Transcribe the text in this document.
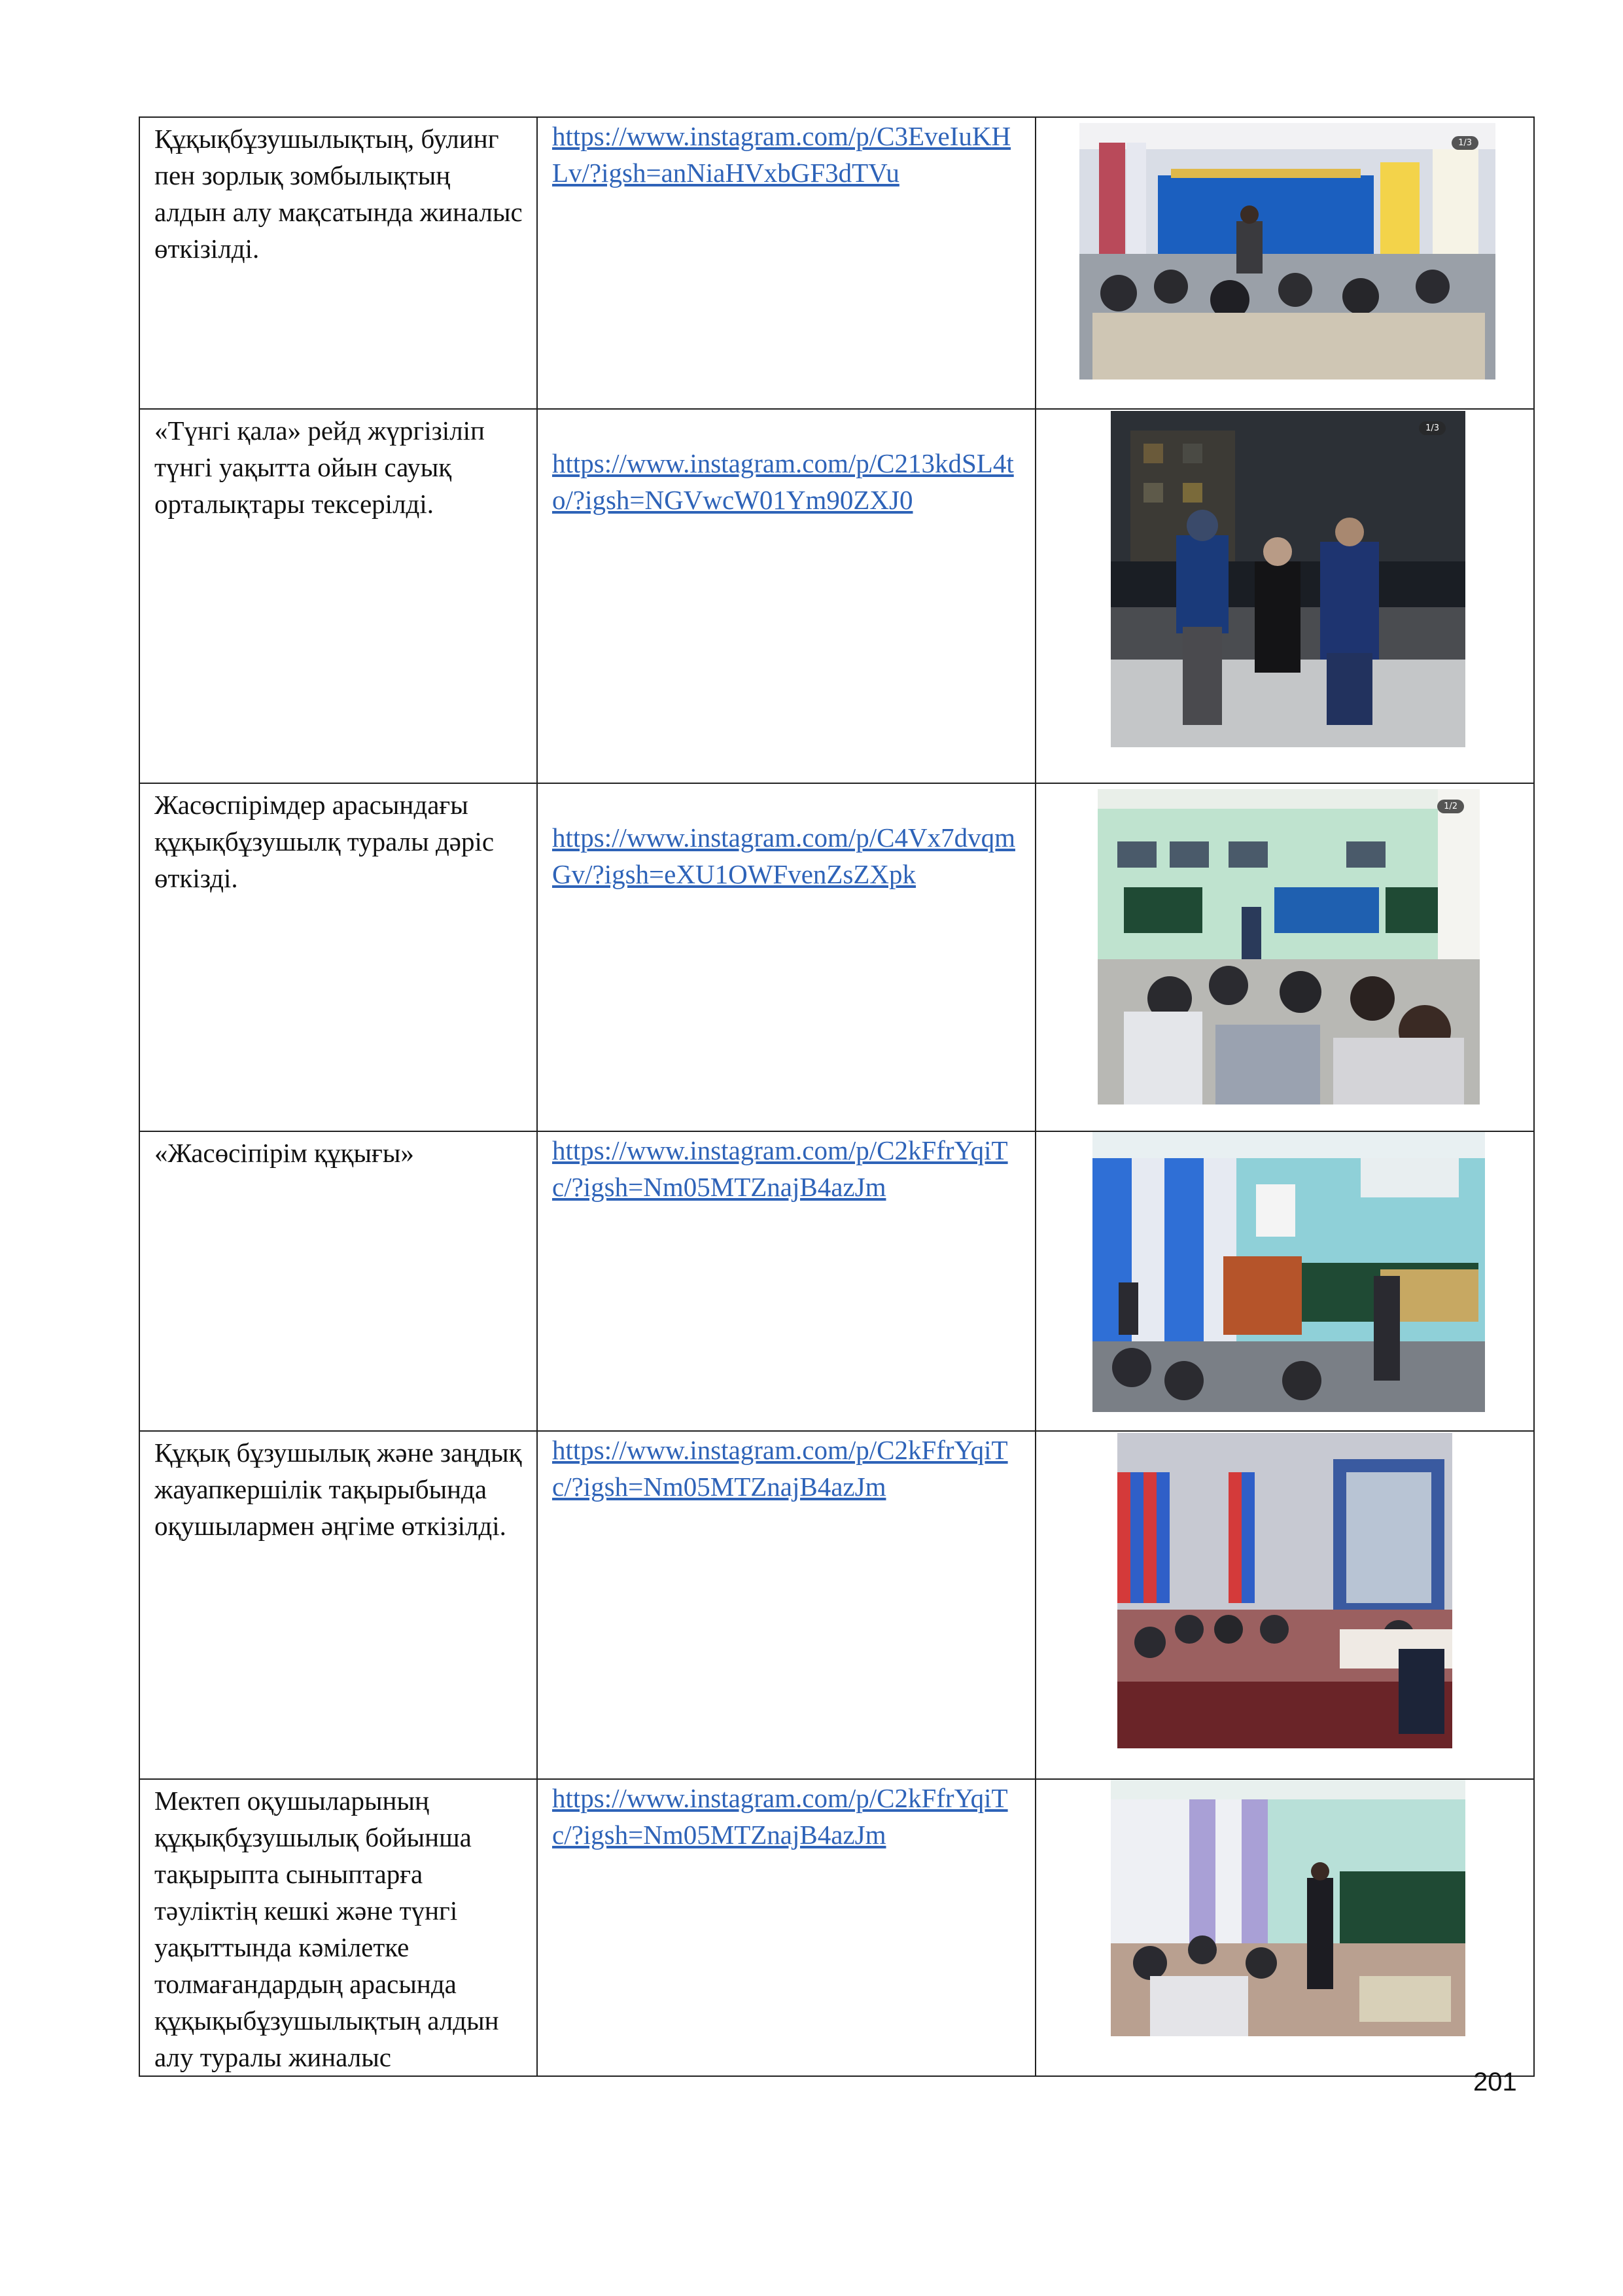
Құқықбұзушылықтың, булинг пен зорлық зомбылықтың алдын алу мақсатында жиналыс өткізілді.	https://www.instagram.com/p/C3EveIuKHLv/?igsh=anNiaHVxbGF3dTVu	1/3

«Түнгі қала» рейд жүргізіліп түнгі уақытта ойын сауық орталықтары тексерілді.	https://www.instagram.com/p/C213kdSL4to/?igsh=NGVwcW01Ym90ZXJ0	1/3

Жасөспірімдер арасындағы құқықбұзушылқ туралы дәріс өткізді.	https://www.instagram.com/p/C4Vx7dvqmGv/?igsh=eXU1OWFvenZsZXpk	1/2

«Жасөсіпірім құқығы»	https://www.instagram.com/p/C2kFfrYqiTc/?igsh=Nm05MTZnajB4azJm

Құқық бұзушылық және заңдық жауапкершілік тақырыбында оқушылармен әңгіме өткізілді.	https://www.instagram.com/p/C2kFfrYqiTc/?igsh=Nm05MTZnajB4azJm

Мектеп оқушыларының құқықбұзушылық бойынша тақырыпта сыныптарға тәуліктің кешкі және түнгі уақыттында кәмілетке толмағандардың арасында құқықыбұзушылықтың алдын алу туралы жиналыс	https://www.instagram.com/p/C2kFfrYqiTc/?igsh=Nm05MTZnajB4azJm

201
